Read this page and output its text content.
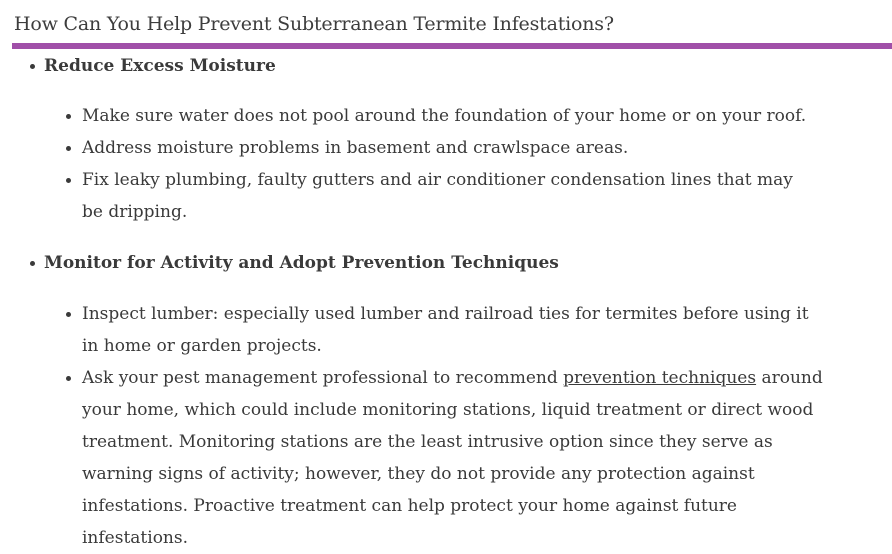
How Can You Help Prevent Subterranean Termite Infestations?
Reduce Excess Moisture
Make sure water does not pool around the foundation of your home or on your roof.
Address moisture problems in basement and crawlspace areas.
Fix leaky plumbing, faulty gutters and air conditioner condensation lines that may be dripping.
Monitor for Activity and Adopt Prevention Techniques
Inspect lumber: especially used lumber and railroad ties for termites before using it in home or garden projects.
Ask your pest management professional to recommend prevention techniques around your home, which could include monitoring stations, liquid treatment or direct wood treatment. Monitoring stations are the least intrusive option since they serve as warning signs of activity; however, they do not provide any protection against infestations. Proactive treatment can help protect your home against future infestations.
